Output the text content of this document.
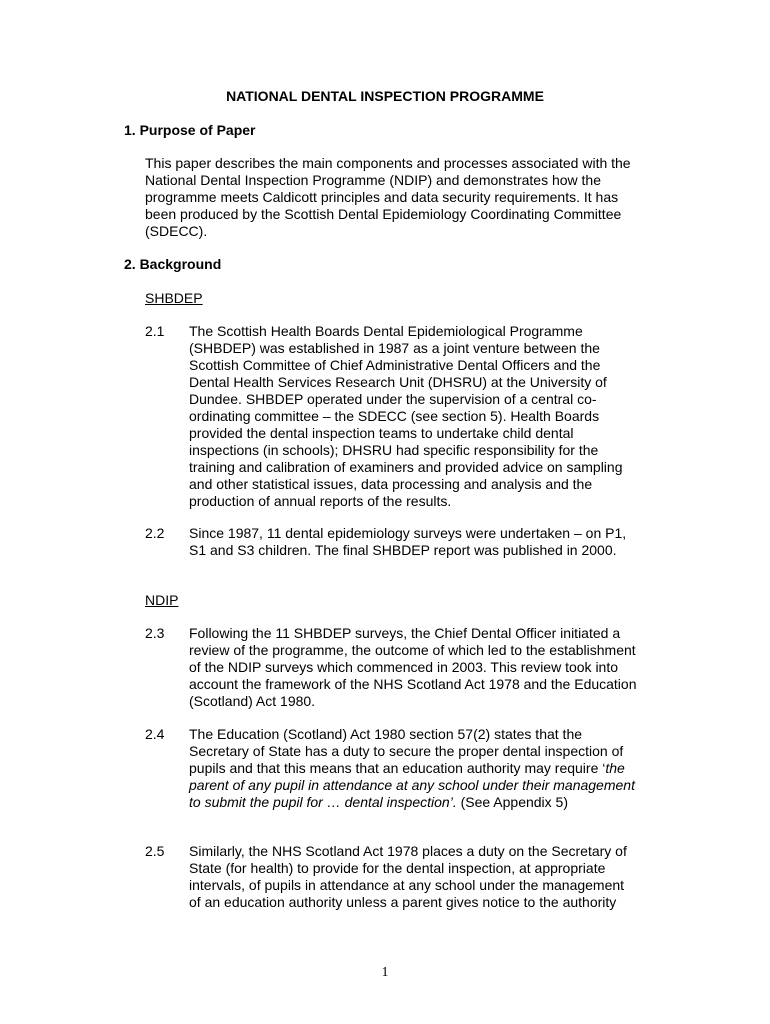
NATIONAL DENTAL INSPECTION PROGRAMME
1. Purpose of Paper
This paper describes the main components and processes associated with the National Dental Inspection Programme (NDIP) and demonstrates how the programme meets Caldicott principles and data security requirements. It has been produced by the Scottish Dental Epidemiology Coordinating Committee (SDECC).
2. Background
SHBDEP
2.1 The Scottish Health Boards Dental Epidemiological Programme (SHBDEP) was established in 1987 as a joint venture between the Scottish Committee of Chief Administrative Dental Officers and the Dental Health Services Research Unit (DHSRU) at the University of Dundee. SHBDEP operated under the supervision of a central co-ordinating committee – the SDECC (see section 5). Health Boards provided the dental inspection teams to undertake child dental inspections (in schools); DHSRU had specific responsibility for the training and calibration of examiners and provided advice on sampling and other statistical issues, data processing and analysis and the production of annual reports of the results.
2.2 Since 1987, 11 dental epidemiology surveys were undertaken – on P1, S1 and S3 children. The final SHBDEP report was published in 2000.
NDIP
2.3 Following the 11 SHBDEP surveys, the Chief Dental Officer initiated a review of the programme, the outcome of which led to the establishment of the NDIP surveys which commenced in 2003. This review took into account the framework of the NHS Scotland Act 1978 and the Education (Scotland) Act 1980.
2.4 The Education (Scotland) Act 1980 section 57(2) states that the Secretary of State has a duty to secure the proper dental inspection of pupils and that this means that an education authority may require ‘the parent of any pupil in attendance at any school under their management to submit the pupil for … dental inspection’. (See Appendix 5)
2.5 Similarly, the NHS Scotland Act 1978 places a duty on the Secretary of State (for health) to provide for the dental inspection, at appropriate intervals, of pupils in attendance at any school under the management of an education authority unless a parent gives notice to the authority
1
